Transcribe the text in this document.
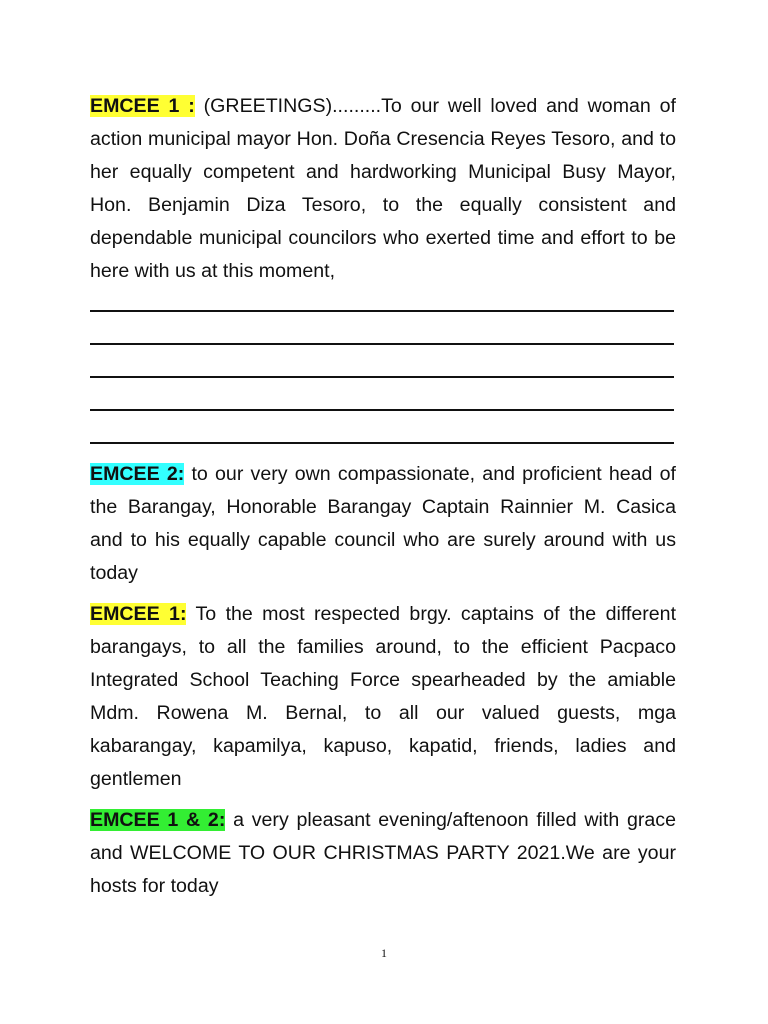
EMCEE 1 : (GREETINGS).........To our well loved and woman of action municipal mayor Hon. Doña Cresencia Reyes Tesoro, and to her equally competent and hardworking Municipal Busy Mayor, Hon. Benjamin Diza Tesoro, to the equally consistent and dependable municipal councilors who exerted time and effort to be here with us at this moment,

EMCEE 2: to our very own compassionate, and proficient head of the Barangay, Honorable Barangay Captain Rainnier M. Casica and to his equally capable council who are surely around with us today

EMCEE 1: To the most respected brgy. captains of the different barangays, to all the families around, to the efficient Pacpaco Integrated School Teaching Force spearheaded by the amiable Mdm. Rowena M. Bernal, to all our valued guests, mga kabarangay, kapamilya, kapuso, kapatid, friends, ladies and gentlemen

EMCEE 1 & 2: a very pleasant evening/aftenoon filled with grace and WELCOME TO OUR CHRISTMAS PARTY 2021.We are your hosts for today

1
